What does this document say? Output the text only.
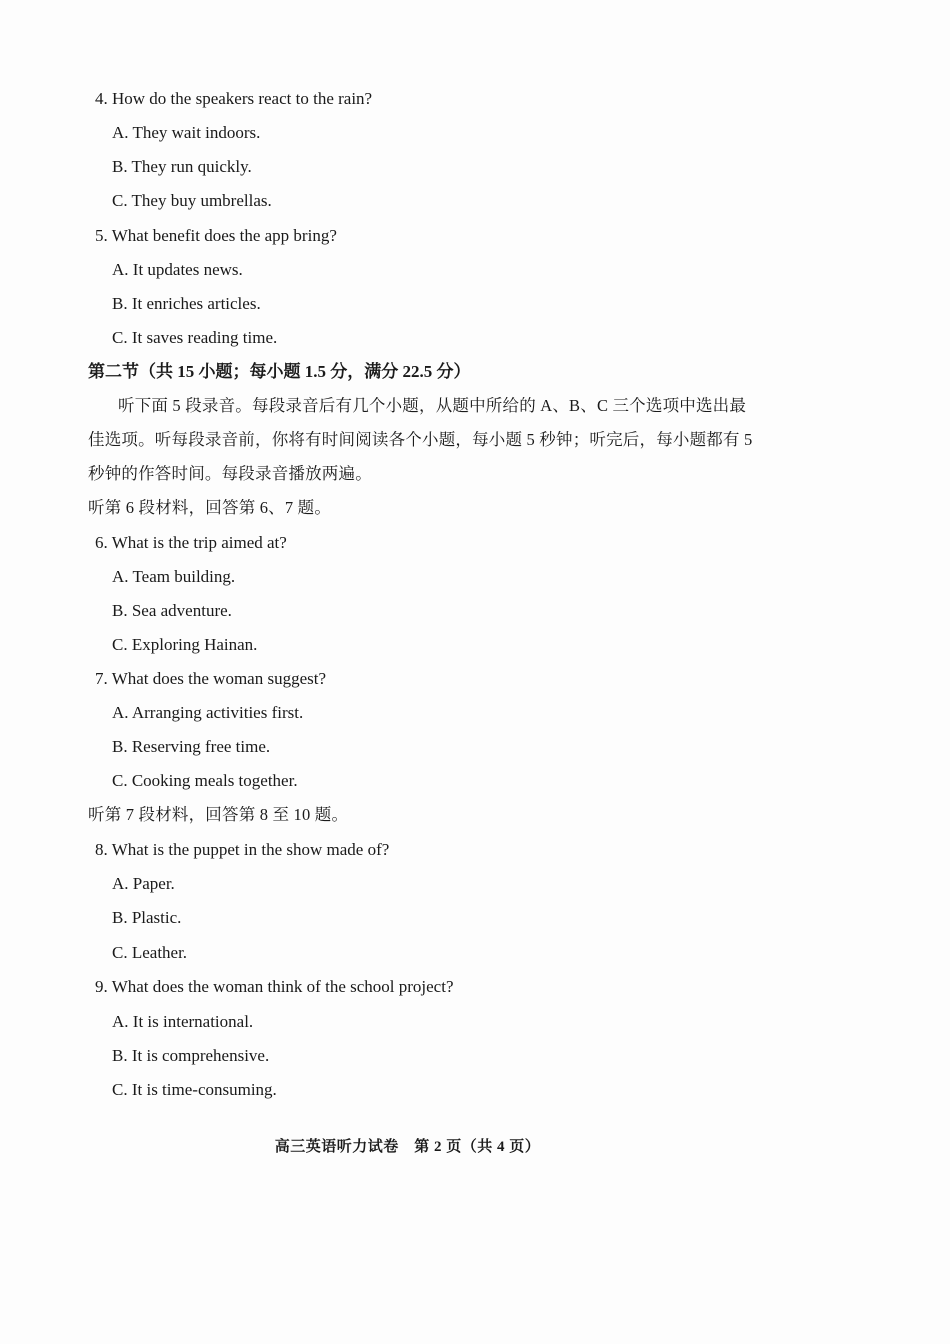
4. How do the speakers react to the rain?
A. They wait indoors.
B. They run quickly.
C. They buy umbrellas.
5. What benefit does the app bring?
A. It updates news.
B. It enriches articles.
C. It saves reading time.
第二节（共 15 小题；每小题 1.5 分，满分 22.5 分）
听下面 5 段录音。每段录音后有几个小题，从题中所给的 A、B、C 三个选项中选出最
佳选项。听每段录音前，你将有时间阅读各个小题，每小题 5 秒钟；听完后，每小题都有 5
秒钟的作答时间。每段录音播放两遍。
听第 6 段材料，回答第 6、7 题。
6. What is the trip aimed at?
A. Team building.
B. Sea adventure.
C. Exploring Hainan.
7. What does the woman suggest?
A. Arranging activities first.
B. Reserving free time.
C. Cooking meals together.
听第 7 段材料，回答第 8 至 10 题。
8. What is the puppet in the show made of?
A. Paper.
B. Plastic.
C. Leather.
9. What does the woman think of the school project?
A. It is international.
B. It is comprehensive.
C. It is time-consuming.
高三英语听力试卷　第 2 页（共 4 页）
